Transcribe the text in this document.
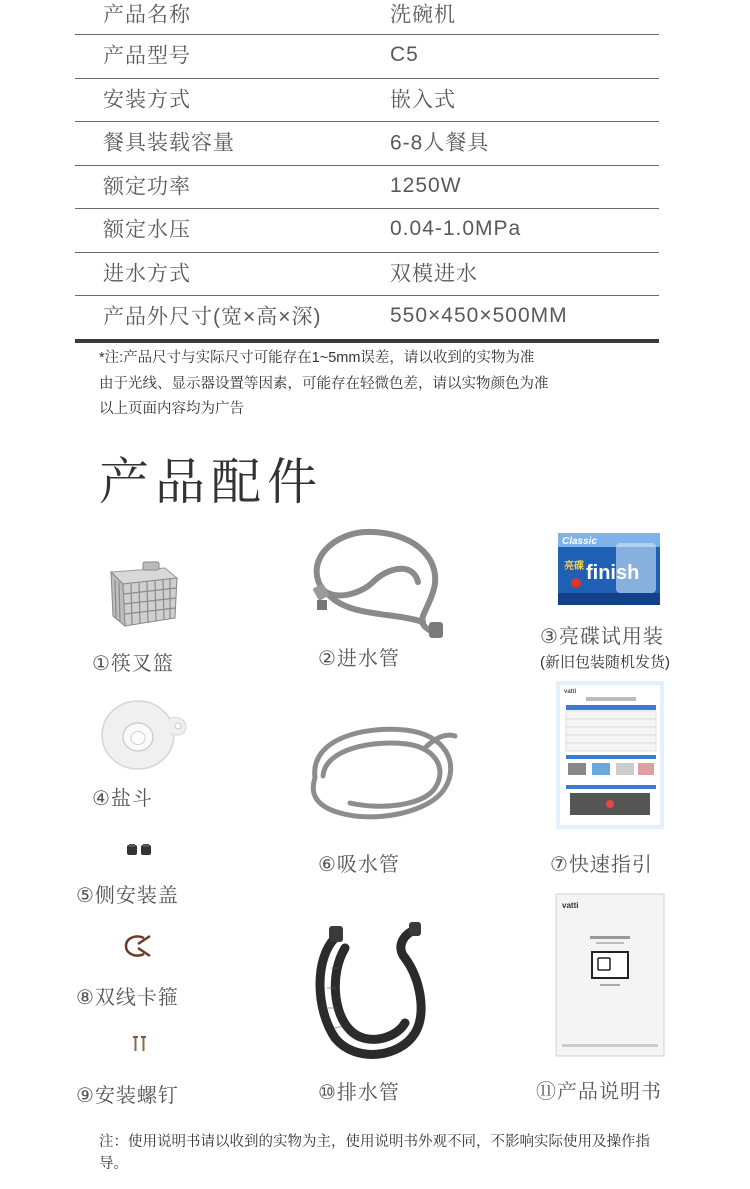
产品名称	洗碗机
产品型号	C5
安装方式	嵌入式
餐具装载容量	6-8人餐具
额定功率	1250W
额定水压	0.04-1.0MPa
进水方式	双模进水
产品外尺寸(宽×高×深)	550×450×500MM
*注:产品尺寸与实际尺寸可能存在1~5mm误差，请以收到的实物为准
由于光线、显示器设置等因素，可能存在轻微色差，请以实物颜色为准
以上页面内容均为广告
产品配件
①筷叉篮	②进水管
Classic
亮碟 finish
③亮碟试用装
(新旧包装随机发货)
④盐斗
⑥吸水管
vatti
⑦快速指引
⑤侧安装盖
⑧双线卡箍
⑨安装螺钉	⑩排水管
vatti
⑪产品说明书
注：使用说明书请以收到的实物为主，使用说明书外观不同，不影响实际使用及操作指导。
